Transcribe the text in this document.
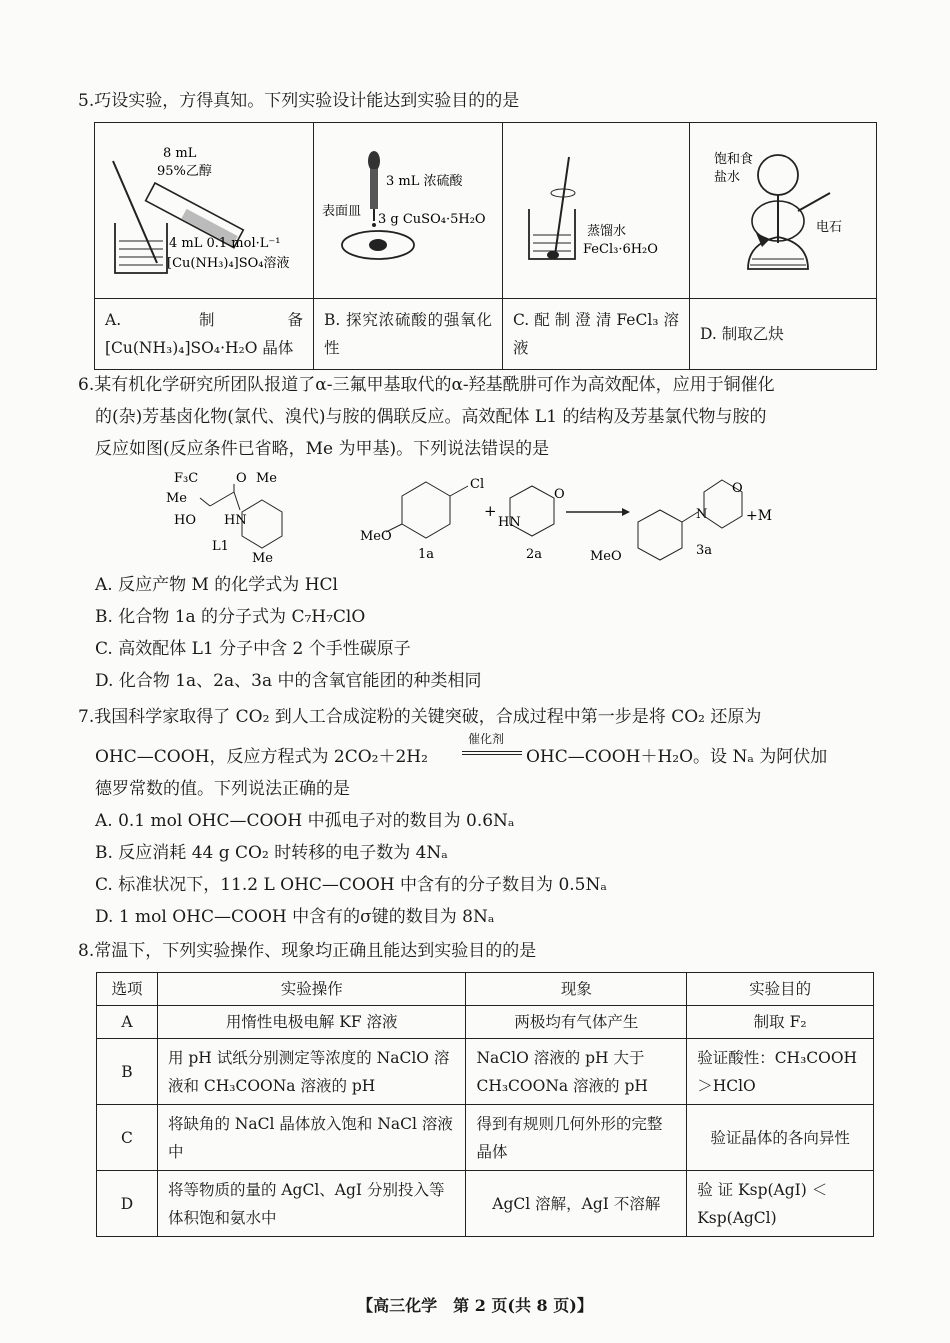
5.巧设实验，方得真知。下列实验设计能达到实验目的的是
8 mL
95%乙醇
4 mL 0.1 mol·L⁻¹
[Cu(NH₃)₄]SO₄溶液	3 mL 浓硫酸
表面皿
3 g CuSO₄·5H₂O	蒸馏水
FeCl₃·6H₂O	饱和食
盐水
电石

A. 制备[Cu(NH₃)₄]SO₄·H₂O 晶体	B. 探究浓硫酸的强氧化性	C. 配 制 澄 清 FeCl₃ 溶液	D. 制取乙炔
6.某有机化学研究所团队报道了α-三氟甲基取代的α-羟基酰肼可作为高效配体，应用于铜催化
的(杂)芳基卤化物(氯代、溴代)与胺的偶联反应。高效配体 L1 的结构及芳基氯代物与胺的
反应如图(反应条件已省略，Me 为甲基)。下列说法错误的是
F₃C
Me
HO
O
HN
Me
Me
L1
Cl
MeO
1a
+
HN
O
2a
N
O
MeO	3a
+M
A. 反应产物 M 的化学式为 HCl
B. 化合物 1a 的分子式为 C₇H₇ClO
C. 高效配体 L1 分子中含 2 个手性碳原子
D. 化合物 1a、2a、3a 中的含氧官能团的种类相同
7.我国科学家取得了 CO₂ 到人工合成淀粉的关键突破，合成过程中第一步是将 CO₂ 还原为
OHC—COOH，反应方程式为 2CO₂＋2H₂
催化剂
OHC—COOH＋H₂O。设 Nₐ 为阿伏加
德罗常数的值。下列说法正确的是
A. 0.1 mol OHC—COOH 中孤电子对的数目为 0.6Nₐ
B. 反应消耗 44 g CO₂ 时转移的电子数为 4Nₐ
C. 标准状况下，11.2 L OHC—COOH 中含有的分子数目为 0.5Nₐ
D. 1 mol OHC—COOH 中含有的σ键的数目为 8Nₐ
8.常温下，下列实验操作、现象均正确且能达到实验目的的是
选项	实验操作	现象	实验目的
A	用惰性电极电解 KF 溶液	两极均有气体产生	制取 F₂
B	用 pH 试纸分别测定等浓度的 NaClO 溶液和 CH₃COONa 溶液的 pH	NaClO 溶液的 pH 大于 CH₃COONa 溶液的 pH	验证酸性：CH₃COOH ＞HClO
C	将缺角的 NaCl 晶体放入饱和 NaCl 溶液中	得到有规则几何外形的完整晶体	验证晶体的各向异性
D	将等物质的量的 AgCl、AgI 分别投入等体积饱和氨水中	AgCl 溶解，AgI 不溶解	验 证 Ksp(AgI) ＜ Ksp(AgCl)
【高三化学　第 2 页(共 8 页)】
